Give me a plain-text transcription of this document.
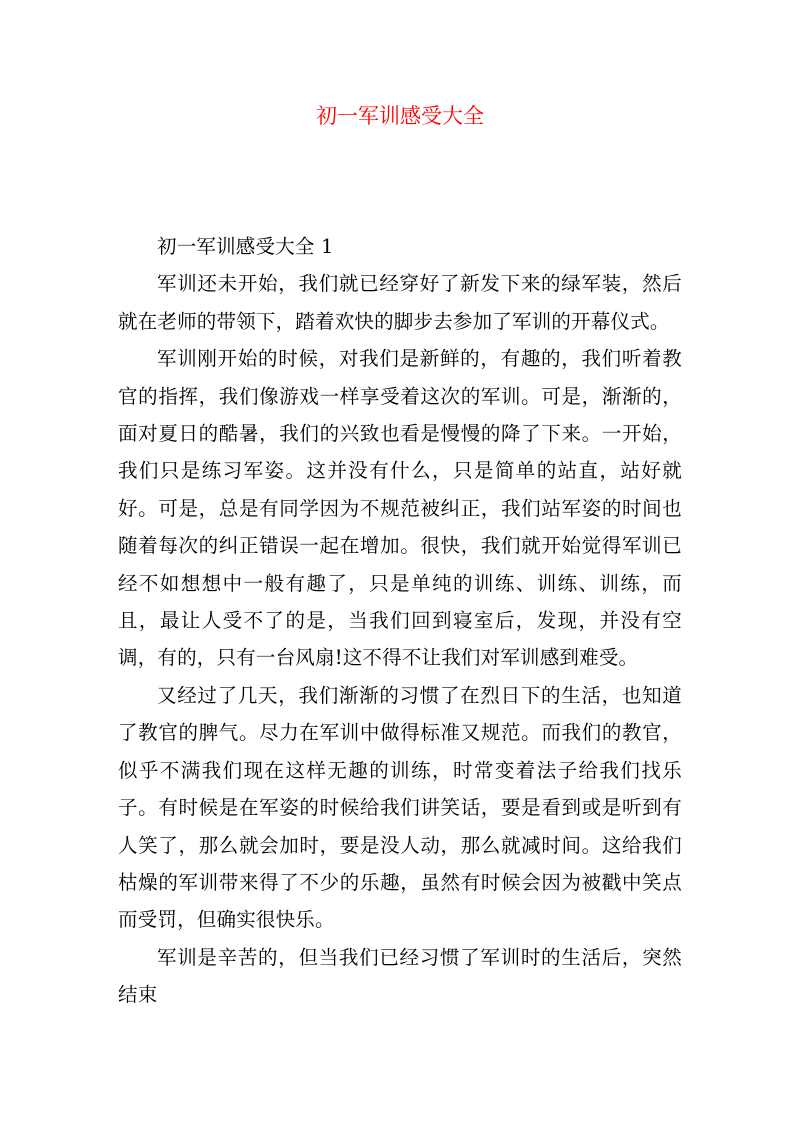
初一军训感受大全

初一军训感受大全 1

军训还未开始，我们就已经穿好了新发下来的绿军装，然后就在老师的带领下，踏着欢快的脚步去参加了军训的开幕仪式。

军训刚开始的时候，对我们是新鲜的，有趣的，我们听着教官的指挥，我们像游戏一样享受着这次的军训。可是，渐渐的，面对夏日的酷暑，我们的兴致也看是慢慢的降了下来。一开始，我们只是练习军姿。这并没有什么，只是简单的站直，站好就好。可是，总是有同学因为不规范被纠正，我们站军姿的时间也随着每次的纠正错误一起在增加。很快，我们就开始觉得军训已经不如想想中一般有趣了，只是单纯的训练、训练、训练，而且，最让人受不了的是，当我们回到寝室后，发现，并没有空调，有的，只有一台风扇!这不得不让我们对军训感到难受。

又经过了几天，我们渐渐的习惯了在烈日下的生活，也知道了教官的脾气。尽力在军训中做得标准又规范。而我们的教官，似乎不满我们现在这样无趣的训练，时常变着法子给我们找乐子。有时候是在军姿的时候给我们讲笑话，要是看到或是听到有人笑了，那么就会加时，要是没人动，那么就减时间。这给我们枯燥的军训带来得了不少的乐趣，虽然有时候会因为被戳中笑点而受罚，但确实很快乐。

军训是辛苦的，但当我们已经习惯了军训时的生活后，突然结束
